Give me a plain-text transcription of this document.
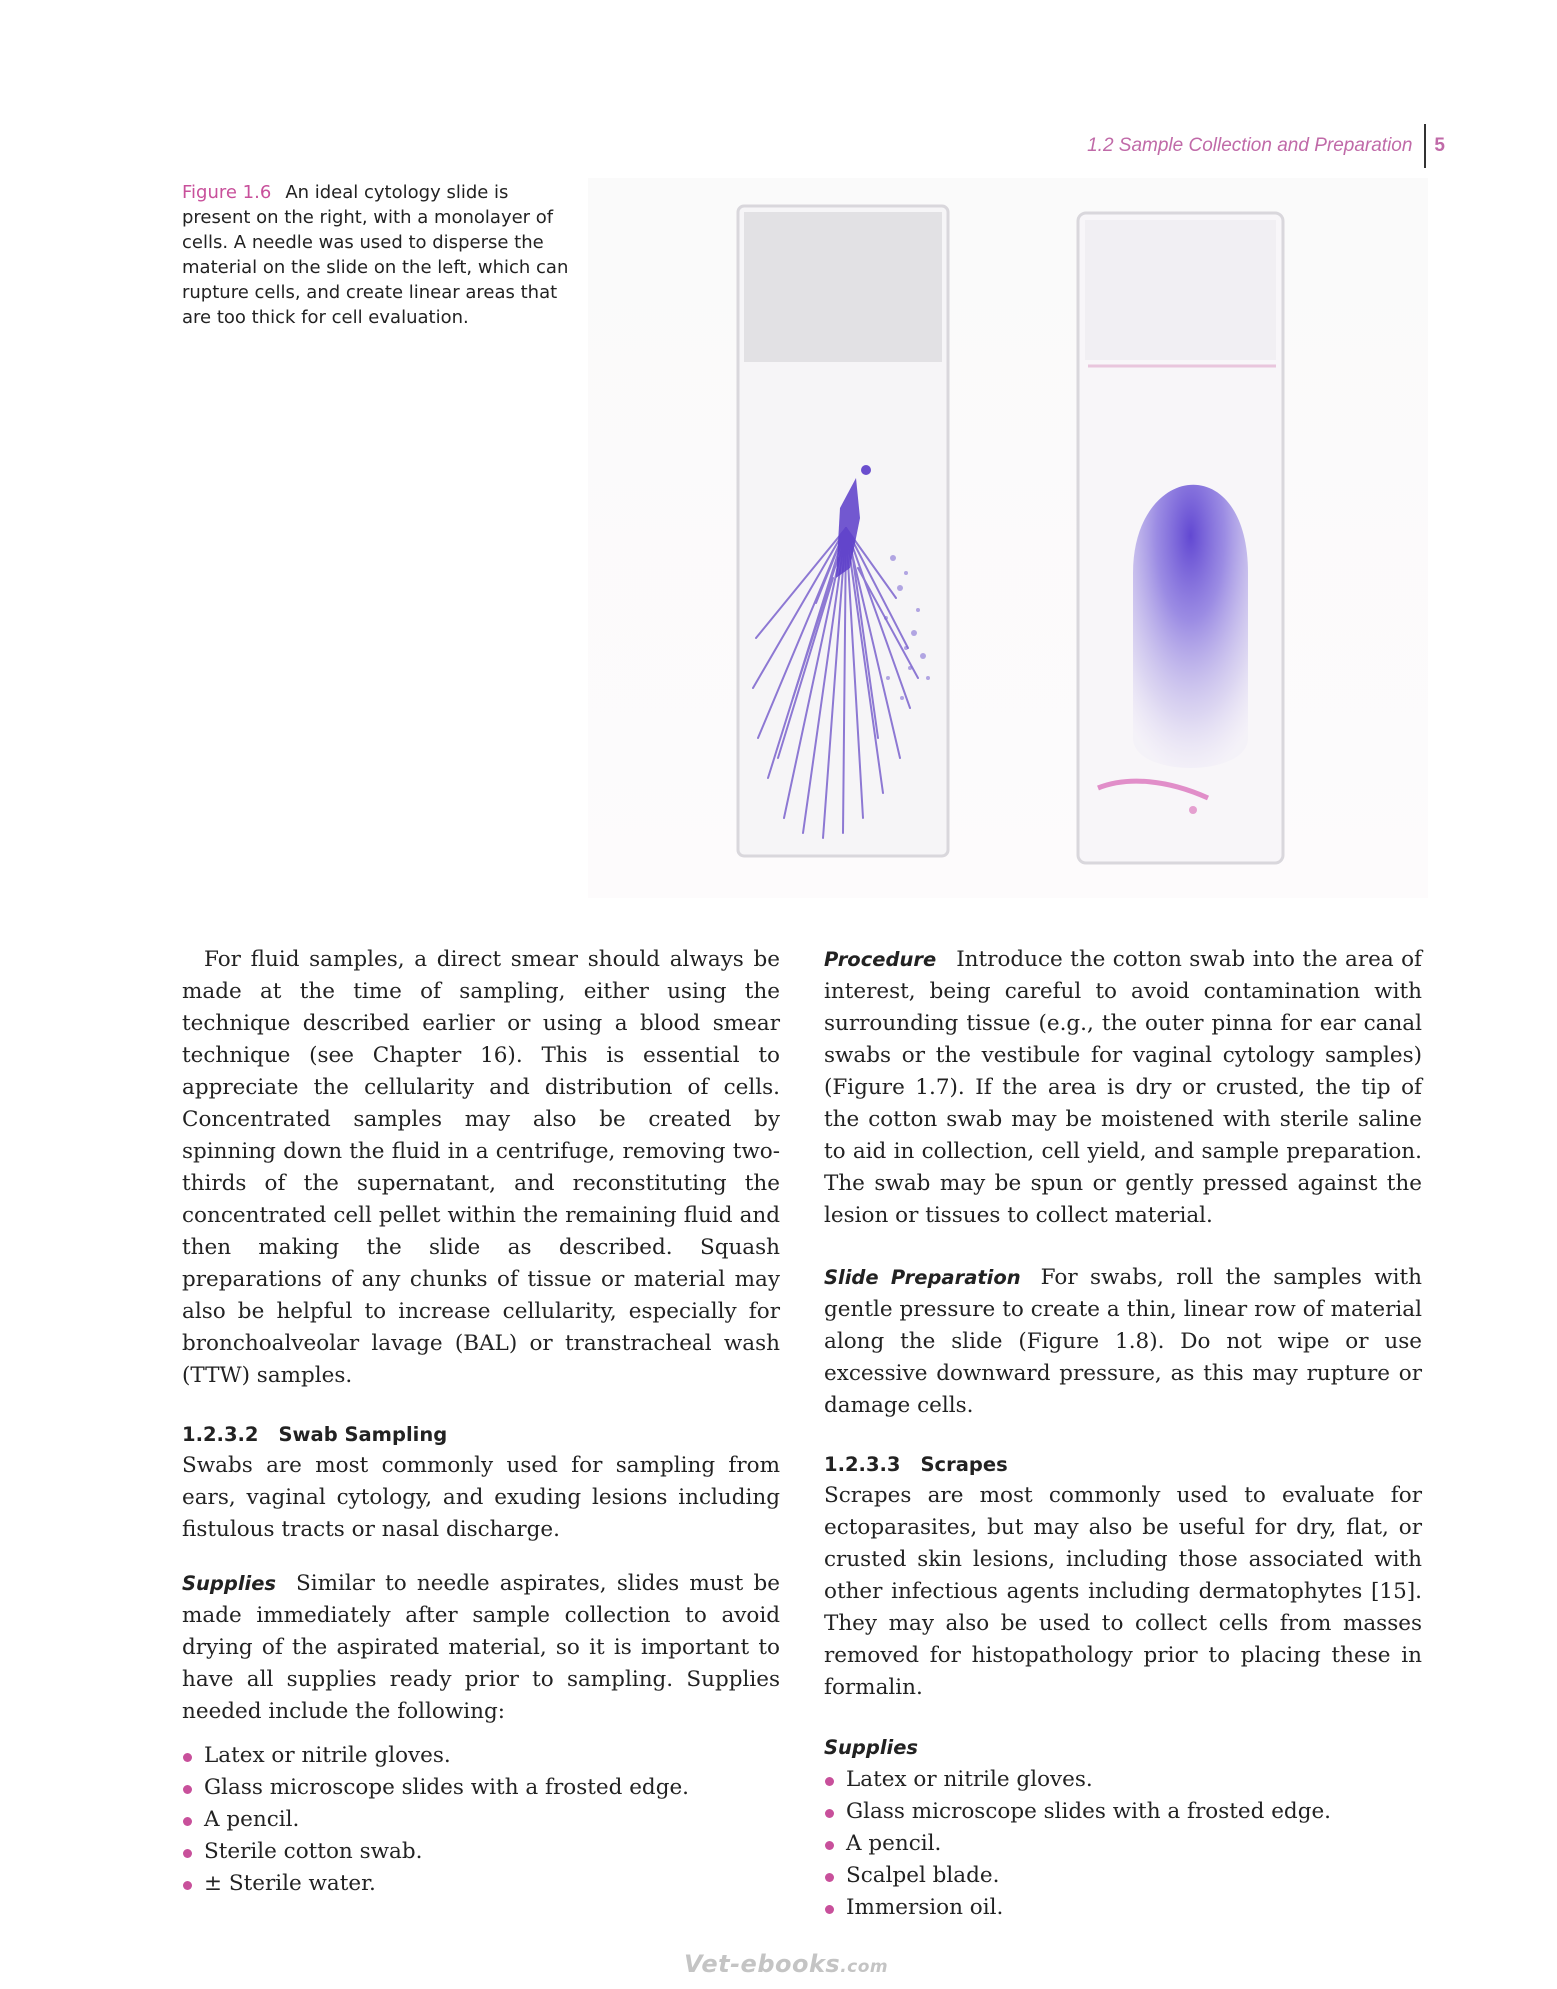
1.2 Sample Collection and Preparation 5
Figure 1.6 An ideal cytology slide is present on the right, with a monolayer of cells. A needle was used to disperse the material on the slide on the left, which can rupture cells, and create linear areas that are too thick for cell evaluation.

For fluid samples, a direct smear should always be made at the time of sampling, either using the technique described earlier or using a blood smear technique (see Chapter 16). This is essential to appreciate the cellularity and distribution of cells. Concentrated samples may also be created by spinning down the fluid in a centrifuge, removing two-thirds of the supernatant, and reconstituting the concentrated cell pellet within the remaining fluid and then making the slide as described. Squash preparations of any chunks of tissue or material may also be helpful to increase cellularity, especially for bronchoalveolar lavage (BAL) or transtracheal wash (TTW) samples.

1.2.3.2 Swab Sampling

Swabs are most commonly used for sampling from ears, vaginal cytology, and exuding lesions including fistulous tracts or nasal discharge.

Supplies Similar to needle aspirates, slides must be made immediately after sample collection to avoid drying of the aspirated material, so it is important to have all supplies ready prior to sampling. Supplies needed include the following:

Latex or nitrile gloves.
Glass microscope slides with a frosted edge.
A pencil.
Sterile cotton swab.
± Sterile water.

Procedure Introduce the cotton swab into the area of interest, being careful to avoid contamination with surrounding tissue (e.g., the outer pinna for ear canal swabs or the vestibule for vaginal cytology samples) (Figure 1.7). If the area is dry or crusted, the tip of the cotton swab may be moistened with sterile saline to aid in collection, cell yield, and sample preparation. The swab may be spun or gently pressed against the lesion or tissues to collect material.

Slide Preparation For swabs, roll the samples with gentle pressure to create a thin, linear row of material along the slide (Figure 1.8). Do not wipe or use excessive downward pressure, as this may rupture or damage cells.

1.2.3.3 Scrapes

Scrapes are most commonly used to evaluate for ectoparasites, but may also be useful for dry, flat, or crusted skin lesions, including those associated with other infectious agents including dermatophytes [15]. They may also be used to collect cells from masses removed for histopathology prior to placing these in formalin.

Supplies
Latex or nitrile gloves.
Glass microscope slides with a frosted edge.
A pencil.
Scalpel blade.
Immersion oil.
Vet-ebooks.com
